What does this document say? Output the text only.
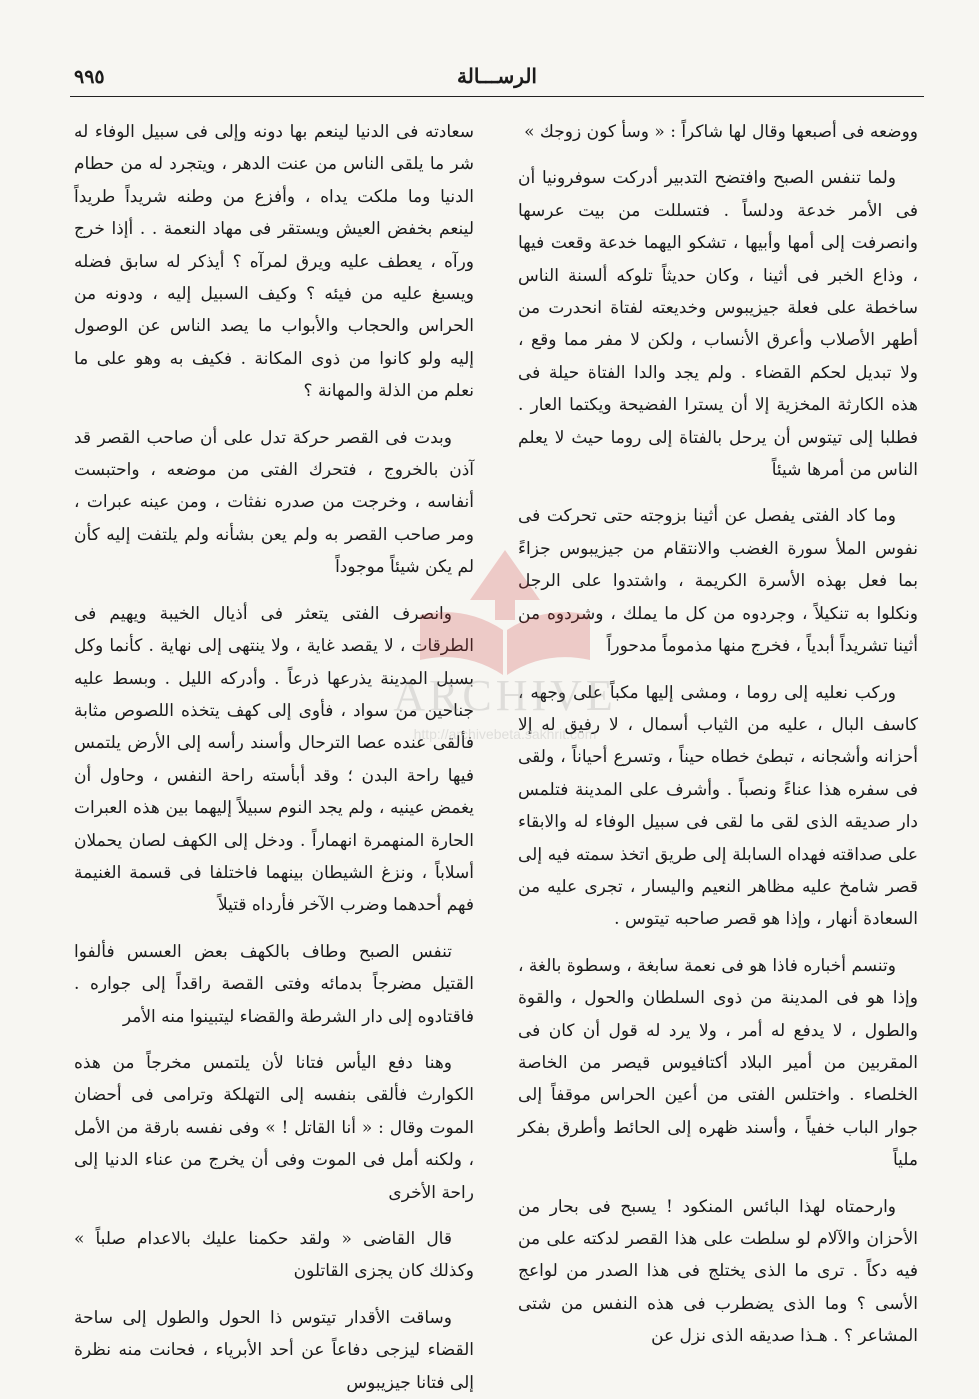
٩٩٥	الرســـالة

ووضعه فى أصبعها وقال لها شاكراً : « وسأ كون زوجك »

ولما تنفس الصبح وافتضح التدبير أدركت سوفرونيا أن فى الأمر خدعة ودلساً . فتسللت من بيت عرسها وانصرفت إلى أمها وأبيها ، تشكو اليهما خدعة وقعت فيها ، وذاع الخبر فى أثينا ، وكان حديثاً تلوكه ألسنة الناس ساخطة على فعلة جيزيبوس وخديعته لفتاة انحدرت من أطهر الأصلاب وأعرق الأنساب ، ولكن لا مفر مما وقع ، ولا تبديل لحكم القضاء . ولم يجد والدا الفتاة حيلة فى هذه الكارثة المخزية إلا أن يسترا الفضيحة ويكتما العار . فطلبا إلى تيتوس أن يرحل بالفتاة إلى روما حيث لا يعلم الناس من أمرها شيئاً

وما كاد الفتى يفصل عن أثينا بزوجته حتى تحركت فى نفوس الملأ سورة الغضب والانتقام من جيزيبوس جزاءً بما فعل بهذه الأسرة الكريمة ، واشتدوا على الرجل ونكلوا به تنكيلاً ، وجردوه من كل ما يملك ، وشردوه من أثينا تشريداً أبدياً ، فخرج منها مذموماً مدحوراً

وركب نعليه إلى روما ، ومشى إليها مكباً على وجهه ، كاسف البال ، عليه من الثياب أسمال ، لا رفيق له إلا أحزانه وأشجانه ، تبطئ خطاه حيناً ، وتسرع أحياناً ، ولقى فى سفره هذا عناءً ونصباً . وأشرف على المدينة فتلمس دار صديقه الذى لقى ما لقى فى سبيل الوفاء له والابقاء على صداقته فهداه السابلة إلى طريق اتخذ سمته فيه إلى قصر شامخ عليه مظاهر النعيم واليسار ، تجرى عليه من السعادة أنهار ، وإذا هو قصر صاحبه تيتوس .

وتنسم أخباره فاذا هو فى نعمة سابغة ، وسطوة بالغة ، وإذا هو فى المدينة من ذوى السلطان والحول ، والقوة والطول ، لا يدفع له أمر ، ولا يرد له قول أن كان فى المقربين من أمير البلاد أكتافيوس قيصر من الخاصة الخلصاء . واختلس الفتى من أعين الحراس موقفاً إلى جوار الباب خفياً ، وأسند ظهره إلى الحائط وأطرق بفكر ملياً

وارحمتاه لهذا البائس المنكود ! يسبح فى بحار من الأحزان والآلام لو سلطت على هذا القصر لدكته على من فيه دكاً . ترى ما الذى يختلج فى هذا الصدر من لواعج الأسى ؟ وما الذى يضطرب فى هذه النفس من شتى المشاعر ؟ . هـذا صديقه الذى نزل عن

سعادته فى الدنيا لينعم بها دونه وإلى فى سبيل الوفاء له شر ما يلقى الناس من عنت الدهر ، ويتجرد له من حطام الدنيا وما ملكت يداه ، وأفزع من وطنه شريداً طريداً لينعم بخفض العيش ويستقر فى مهاد النعمة . . أإذا خرج ورآه ، يعطف عليه ويرق لمرآه ؟ أيذكر له سابق فضله ويسبغ عليه من فيئه ؟ وكيف السبيل إليه ، ودونه من الحراس والحجاب والأبواب ما يصد الناس عن الوصول إليه ولو كانوا من ذوى المكانة . فكيف به وهو على ما نعلم من الذلة والمهانة ؟

وبدت فى القصر حركة تدل على أن صاحب القصر قد آذن بالخروج ، فتحرك الفتى من موضعه ، واحتبست أنفاسه ، وخرجت من صدره نفثات ، ومن عينه عبرات ، ومر صاحب القصر به ولم يعن بشأنه ولم يلتفت إليه كأن لم يكن شيئاً موجوداً

وانصرف الفتى يتعثر فى أذيال الخيبة ويهيم فى الطرقات ، لا يقصد غاية ، ولا ينتهى إلى نهاية . كأنما وكل بسبل المدينة يذرعها ذرعاً . وأدركه الليل . وبسط عليه جناحين من سواد ، فأوى إلى كهف يتخذه اللصوص مثابة فألقى عنده عصا الترحال وأسند رأسه إلى الأرض يلتمس فيها راحة البدن ؛ وقد أبأسته راحة النفس ، وحاول أن يغمض عينيه ، ولم يجد النوم سبيلاً إليهما بين هذه العبرات الحارة المنهمرة انهماراً . ودخل إلى الكهف لصان يحملان أسلاباً ، ونزغ الشيطان بينهما فاختلفا فى قسمة الغنيمة فهم أحدهما وضرب الآخر فأرداه قتيلاً

تنفس الصبح وطاف بالكهف بعض العسس فألفوا القتيل مضرجاً بدمائه وفتى القصة راقداً إلى جواره . فاقتادوه إلى دار الشرطة والقضاء ليتبينوا منه الأمر

وهنا دفع اليأس فتانا لأن يلتمس مخرجاً من هذه الكوارث فألقى بنفسه إلى التهلكة وترامى فى أحضان الموت وقال : « أنا القاتل ! » وفى نفسه بارقة من الأمل ، ولكنه أمل فى الموت وفى أن يخرج من عناء الدنيا إلى راحة الأخرى

قال القاضى « ولقد حكمنا عليك بالاعدام صلباً » وكذلك كان يجزى القاتلون

وساقت الأقدار تيتوس ذا الحول والطول إلى ساحة القضاء ليزجى دفاعاً عن أحد الأبرياء ، فحانت منه نظرة إلى فتانا جيزيبوس

ARCHIVE
http://archivebeta.sakhrit.com
